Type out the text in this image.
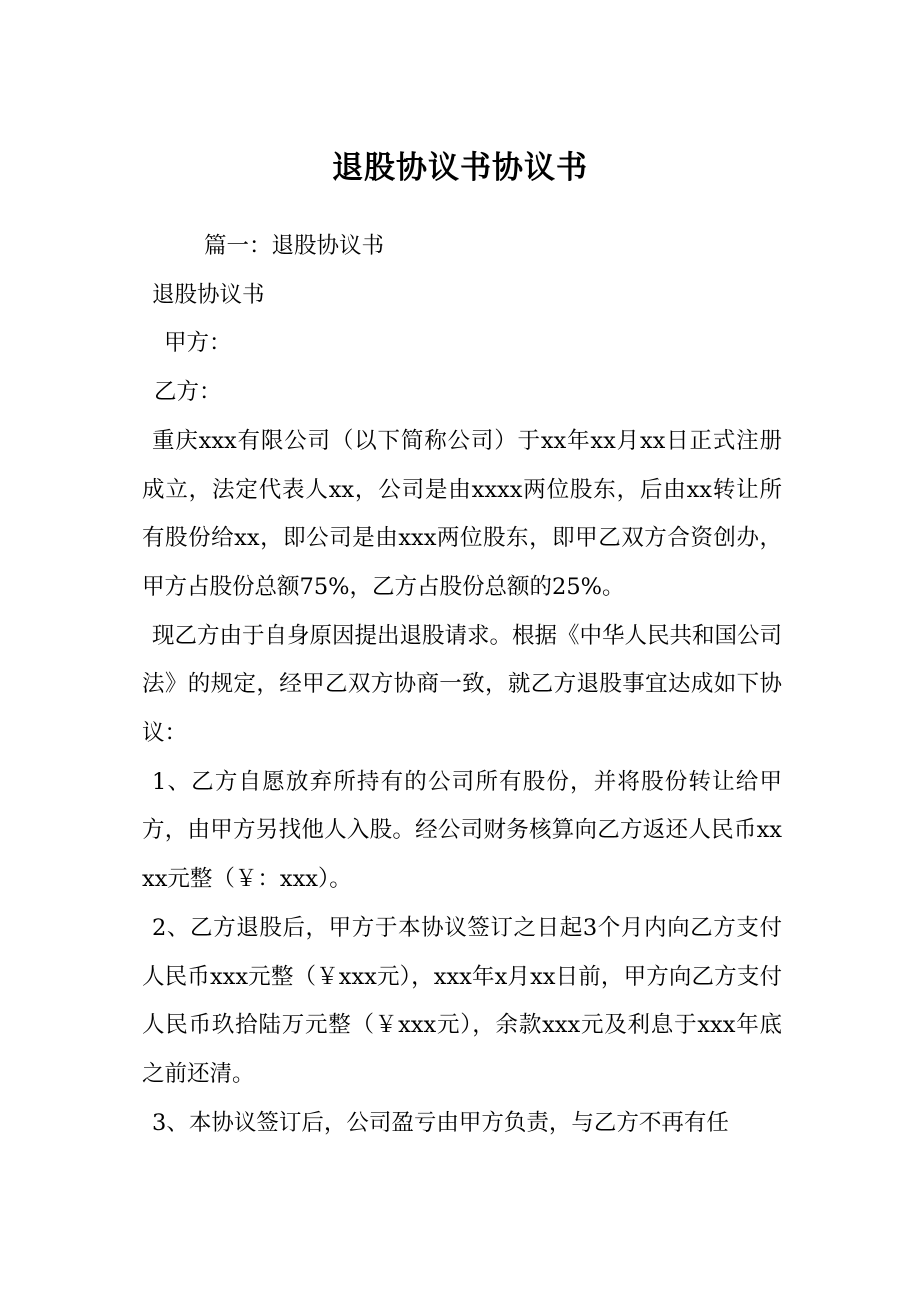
退股协议书协议书
篇一：退股协议书
退股协议书
甲方：
乙方：
重庆xxx有限公司（以下简称公司）于xx年xx月xx日正式注册成立，法定代表人xx，公司是由xxxx两位股东，后由xx转让所有股份给xx，即公司是由xxx两位股东，即甲乙双方合资创办，甲方占股份总额75%，乙方占股份总额的25%。
现乙方由于自身原因提出退股请求。根据《中华人民共和国公司法》的规定，经甲乙双方协商一致，就乙方退股事宜达成如下协议：
1、乙方自愿放弃所持有的公司所有股份，并将股份转让给甲方，由甲方另找他人入股。经公司财务核算向乙方返还人民币xxxx元整（￥：xxx）。
2、乙方退股后，甲方于本协议签订之日起3个月内向乙方支付人民币xxx元整（￥xxx元），xxx年x月xx日前，甲方向乙方支付人民币玖拾陆万元整（￥xxx元），余款xxx元及利息于xxx年底之前还清。
3、本协议签订后，公司盈亏由甲方负责，与乙方不再有任
